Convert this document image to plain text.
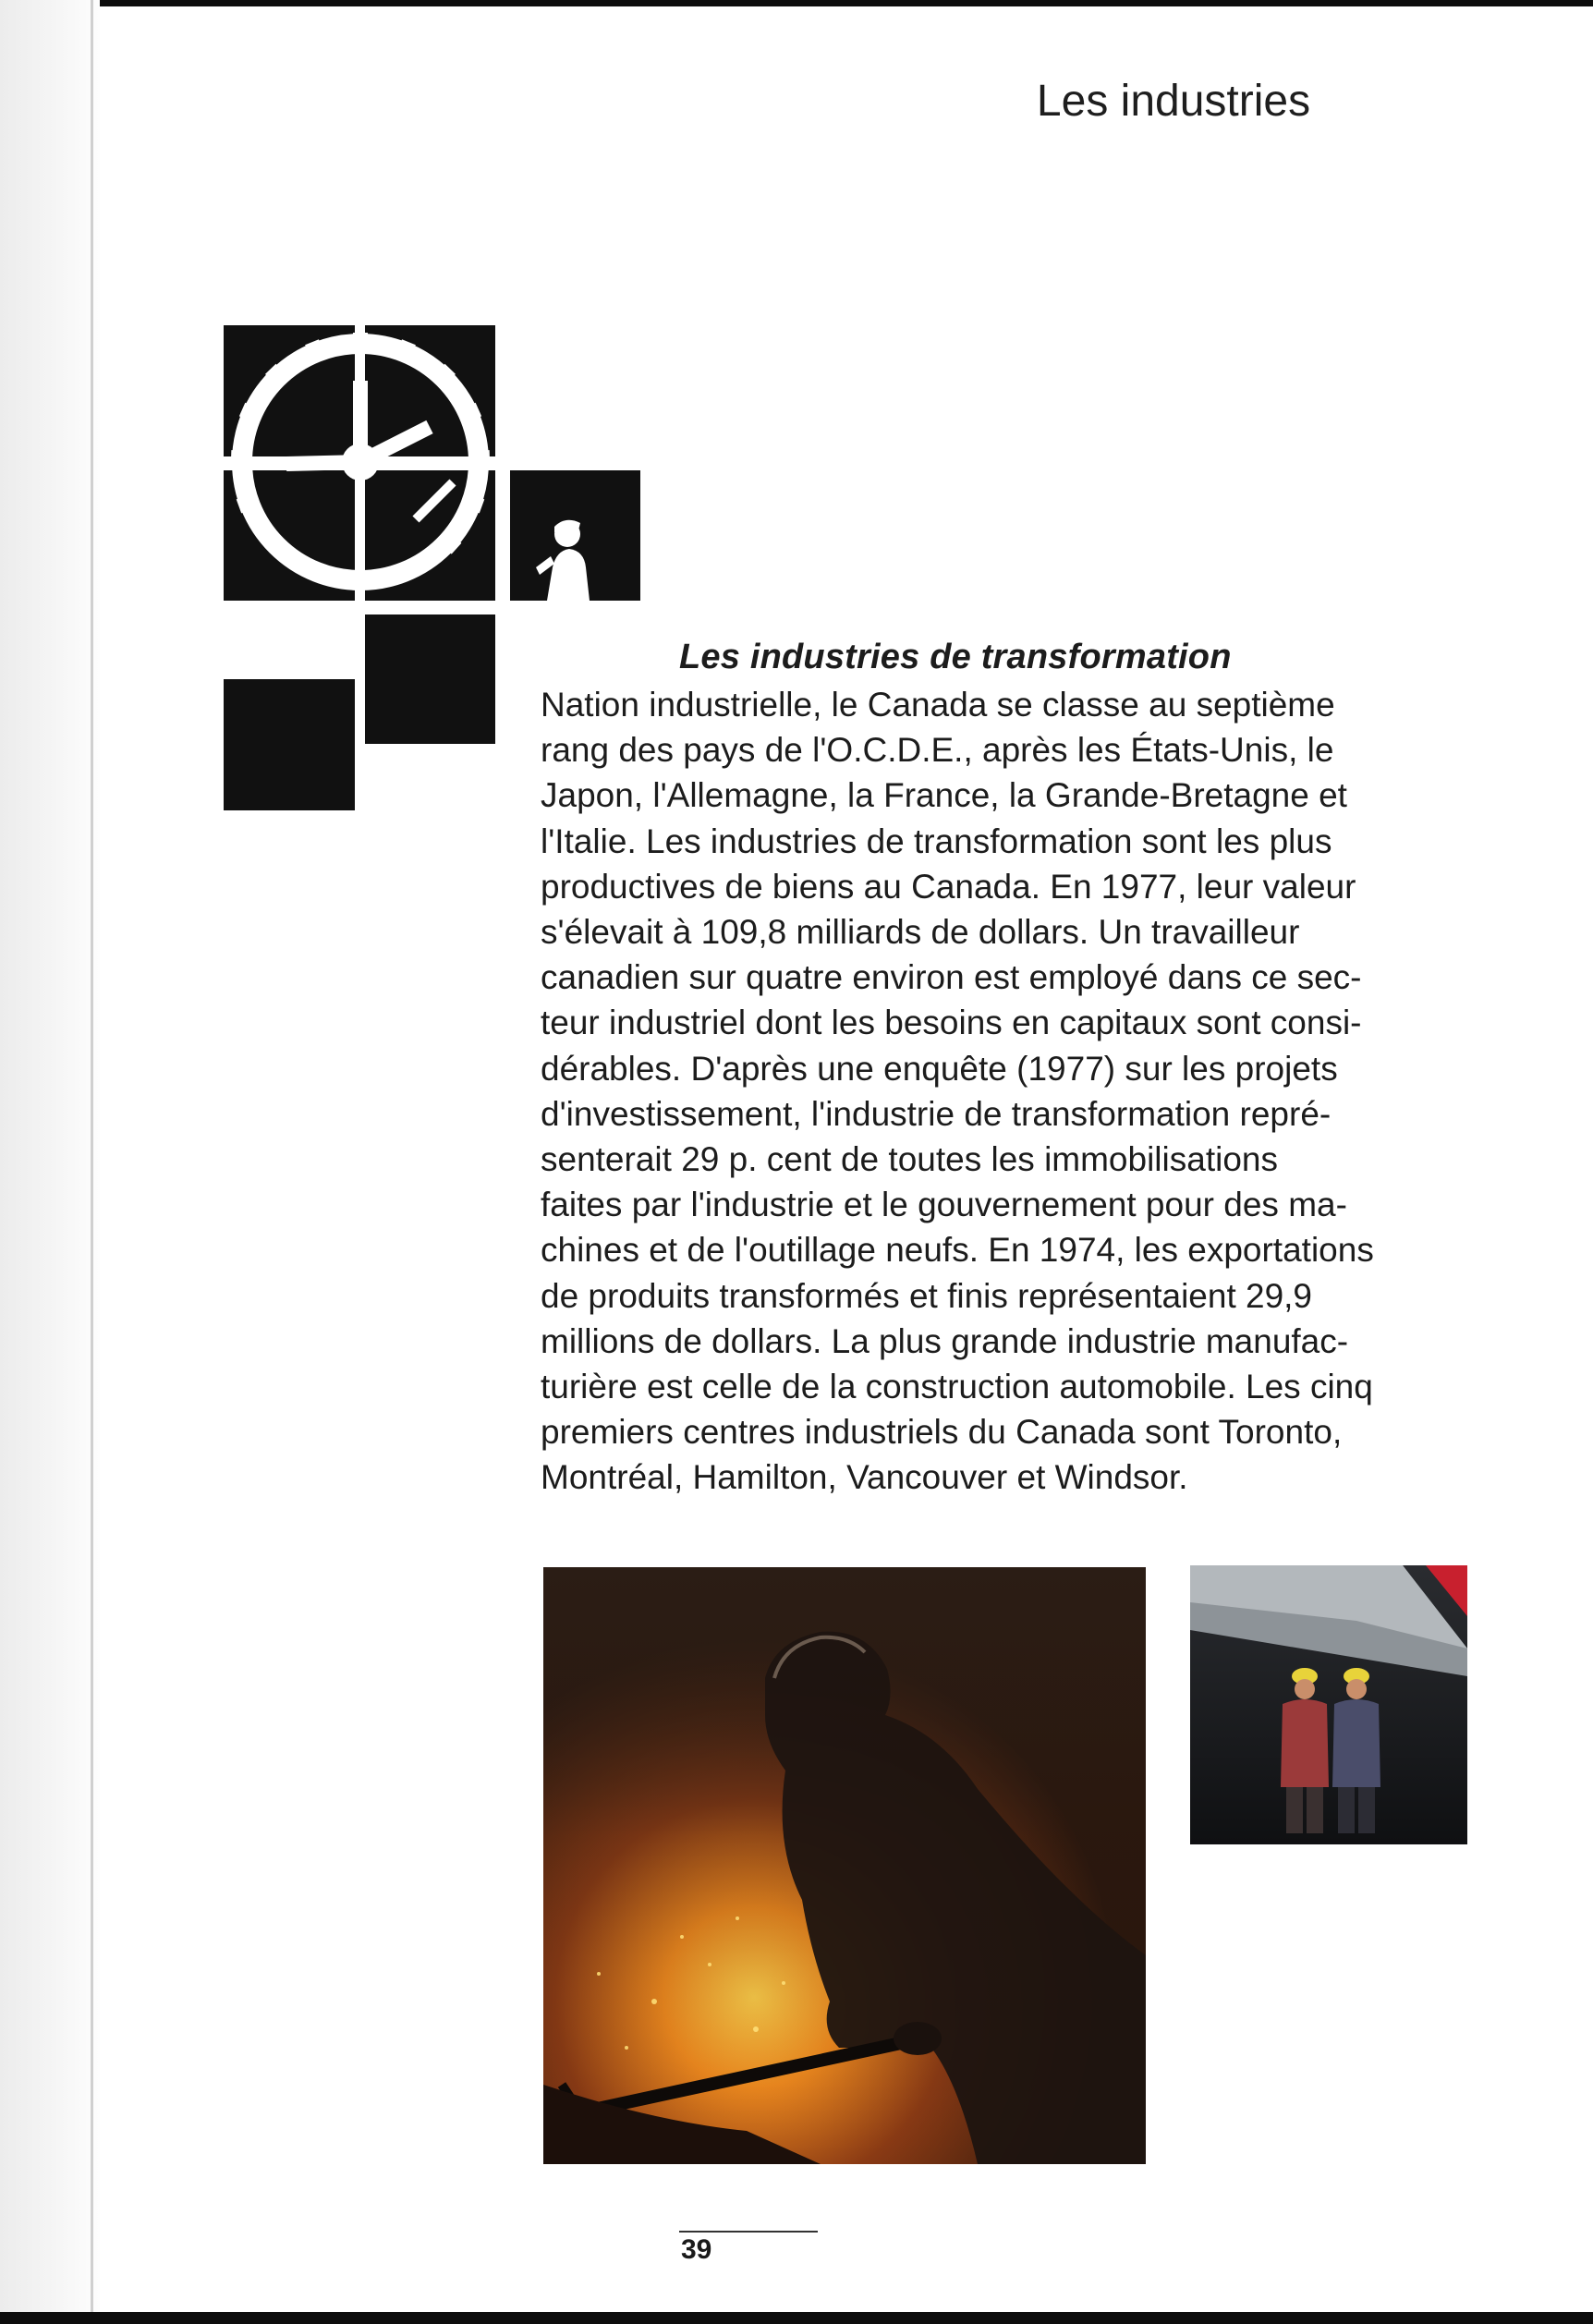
Les industries
Les industries de transformation

Nation industrielle, le Canada se classe au septième
rang des pays de l'O.C.D.E., après les États-Unis, le
Japon, l'Allemagne, la France, la Grande-Bretagne et
l'Italie. Les industries de transformation sont les plus
productives de biens au Canada. En 1977, leur valeur
s'élevait à 109,8 milliards de dollars. Un travailleur
canadien sur quatre environ est employé dans ce sec-
teur industriel dont les besoins en capitaux sont consi-
dérables. D'après une enquête (1977) sur les projets
d'investissement, l'industrie de transformation repré-
senterait 29 p. cent de toutes les immobilisations
faites par l'industrie et le gouvernement pour des ma-
chines et de l'outillage neufs. En 1974, les exportations
de produits transformés et finis représentaient 29,9
millions de dollars. La plus grande industrie manufac-
turière est celle de la construction automobile. Les cinq
premiers centres industriels du Canada sont Toronto,
Montréal, Hamilton, Vancouver et Windsor.

39
